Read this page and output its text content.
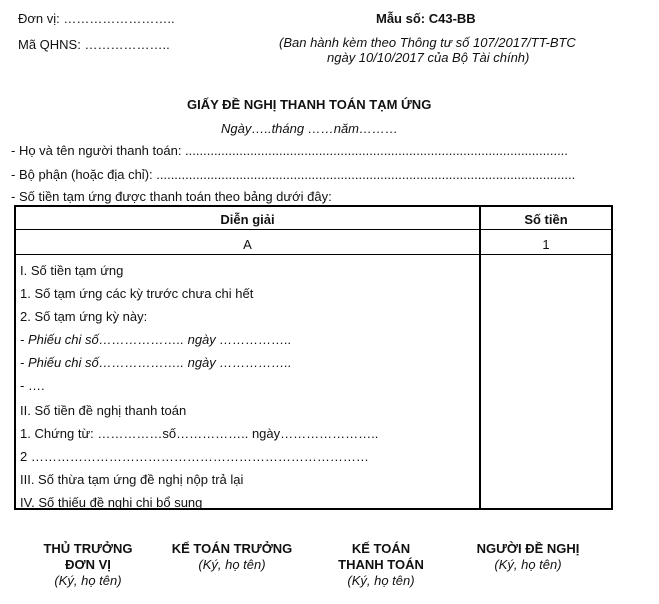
Đơn vị: ……………………..
Mã QHNS: ………………..
Mẫu số: C43-BB
(Ban hành kèm theo Thông tư số 107/2017/TT-BTC
ngày 10/10/2017 của Bộ Tài chính)
GIẤY ĐỀ NGHỊ THANH TOÁN TẠM ỨNG
Ngày…..tháng ……năm………
- Họ và tên người thanh toán: ..........................................................................................................
- Bộ phận (hoặc địa chỉ): ....................................................................................................................
- Số tiền tạm ứng được thanh toán theo bảng dưới đây:
Diễn giải	Số tiền
A	1
I. Số tiền tạm ứng
1. Số tạm ứng các kỳ trước chưa chi hết
2. Số tạm ứng kỳ này:
- Phiếu chi số……………….. ngày ……………..
- Phiếu chi số……………….. ngày ……………..
- ….
II. Số tiền đề nghị thanh toán
1. Chứng từ: ……………số…………….. ngày…………………..
2 ……………………………………………………………………
III. Số thừa tạm ứng đề nghị nộp trả lại
IV. Số thiếu đề nghị chi bổ sung
THỦ TRƯỞNG
ĐƠN VỊ
(Ký, họ tên)
KẾ TOÁN TRƯỞNG
(Ký, họ tên)
KẾ TOÁN
THANH TOÁN
(Ký, họ tên)
NGƯỜI ĐỀ NGHỊ
(Ký, họ tên)
